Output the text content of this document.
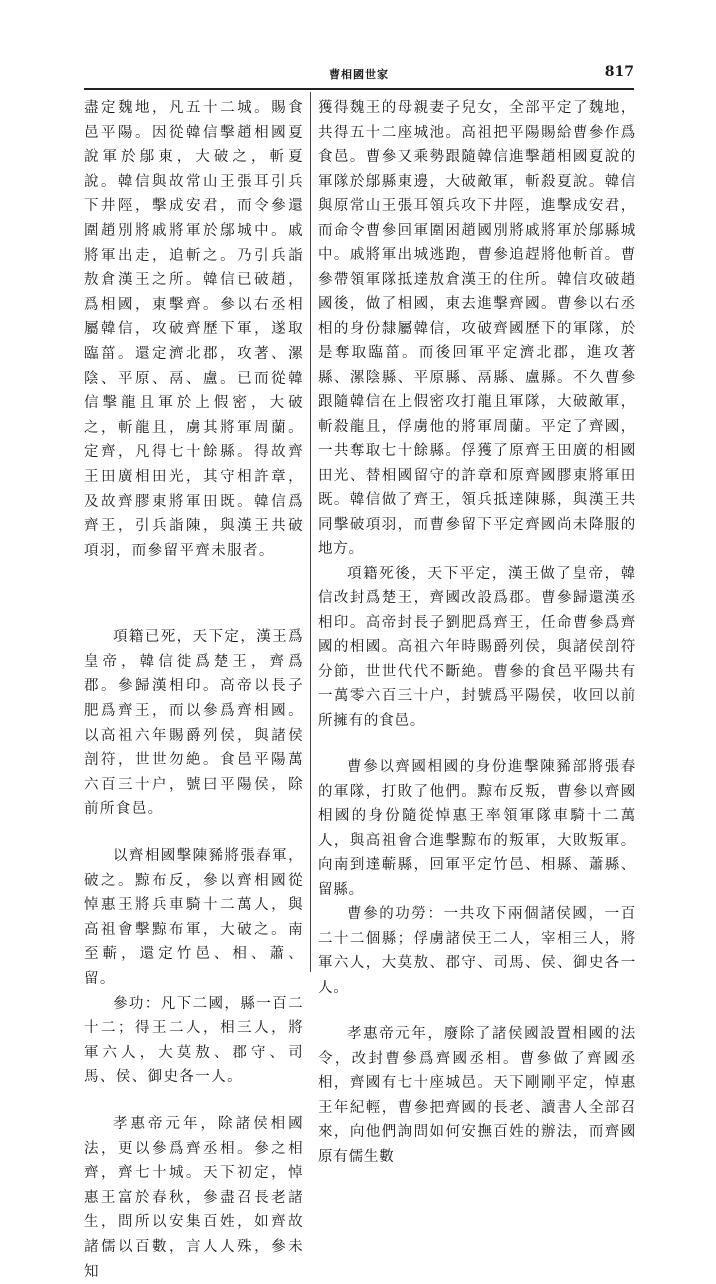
曹相國世家	817

盡定魏地，凡五十二城。賜食邑平陽。因從韓信擊趙相國夏說軍於鄔東，大破之，斬夏說。韓信與故常山王張耳引兵下井陘，擊成安君，而令參還圍趙別將戚將軍於鄔城中。戚將軍出走，追斬之。乃引兵詣敖倉漢王之所。韓信已破趙，爲相國，東擊齊。參以右丞相屬韓信，攻破齊歷下軍，遂取臨菑。還定濟北郡，攻著、漯陰、平原、鬲、盧。已而從韓信擊龍且軍於上假密，大破之，斬龍且，虜其將軍周蘭。定齊，凡得七十餘縣。得故齊王田廣相田光，其守相許章，及故齊膠東將軍田既。韓信爲齊王，引兵詣陳，與漢王共破項羽，而參留平齊未服者。

項籍已死，天下定，漢王爲皇帝，韓信徙爲楚王，齊爲郡。參歸漢相印。高帝以長子肥爲齊王，而以參爲齊相國。以高祖六年賜爵列侯，與諸侯剖符，世世勿絶。食邑平陽萬六百三十户，號曰平陽侯，除前所食邑。

以齊相國擊陳豨將張春軍，破之。黥布反，參以齊相國從悼惠王將兵車騎十二萬人，與高祖會擊黥布軍，大破之。南至蘄，還定竹邑、相、蕭、留。

參功：凡下二國，縣一百二十二；得王二人，相三人，將軍六人，大莫敖、郡守、司馬、侯、御史各一人。

孝惠帝元年，除諸侯相國法，更以參爲齊丞相。參之相齊，齊七十城。天下初定，悼惠王富於春秋，參盡召長老諸生，問所以安集百姓，如齊故諸儒以百數，言人人殊，參未知

獲得魏王的母親妻子兒女，全部平定了魏地，共得五十二座城池。高祖把平陽賜給曹參作爲食邑。曹參又乘勢跟隨韓信進擊趙相國夏說的軍隊於鄔縣東邊，大破敵軍，斬殺夏說。韓信與原常山王張耳領兵攻下井陘，進擊成安君，而命令曹參回軍圍困趙國別將戚將軍於鄔縣城中。戚將軍出城逃跑，曹參追趕將他斬首。曹參帶領軍隊抵達敖倉漢王的住所。韓信攻破趙國後，做了相國，東去進擊齊國。曹參以右丞相的身份隸屬韓信，攻破齊國歷下的軍隊，於是奪取臨菑。而後回軍平定濟北郡，進攻著縣、漯陰縣、平原縣、鬲縣、盧縣。不久曹參跟隨韓信在上假密攻打龍且軍隊，大破敵軍，斬殺龍且，俘虜他的將軍周蘭。平定了齊國，一共奪取七十餘縣。俘獲了原齊王田廣的相國田光、替相國留守的許章和原齊國膠東將軍田既。韓信做了齊王，領兵抵達陳縣，與漢王共同擊破項羽，而曹參留下平定齊國尚未降服的地方。

項籍死後，天下平定，漢王做了皇帝，韓信改封爲楚王，齊國改設爲郡。曹參歸還漢丞相印。高帝封長子劉肥爲齊王，任命曹參爲齊國的相國。高祖六年時賜爵列侯，與諸侯剖符分節，世世代代不斷絶。曹參的食邑平陽共有一萬零六百三十户，封號爲平陽侯，收回以前所擁有的食邑。

曹參以齊國相國的身份進擊陳豨部將張春的軍隊，打敗了他們。黥布反叛，曹參以齊國相國的身份隨從悼惠王率領軍隊車騎十二萬人，與高祖會合進擊黥布的叛軍，大敗叛軍。向南到達蘄縣，回軍平定竹邑、相縣、蕭縣、留縣。

曹參的功勞：一共攻下兩個諸侯國，一百二十二個縣；俘虜諸侯王二人，宰相三人，將軍六人，大莫敖、郡守、司馬、侯、御史各一人。

孝惠帝元年，廢除了諸侯國設置相國的法令，改封曹參爲齊國丞相。曹參做了齊國丞相，齊國有七十座城邑。天下剛剛平定，悼惠王年紀輕，曹參把齊國的長老、讀書人全部召來，向他們詢問如何安撫百姓的辦法，而齊國原有儒生數
